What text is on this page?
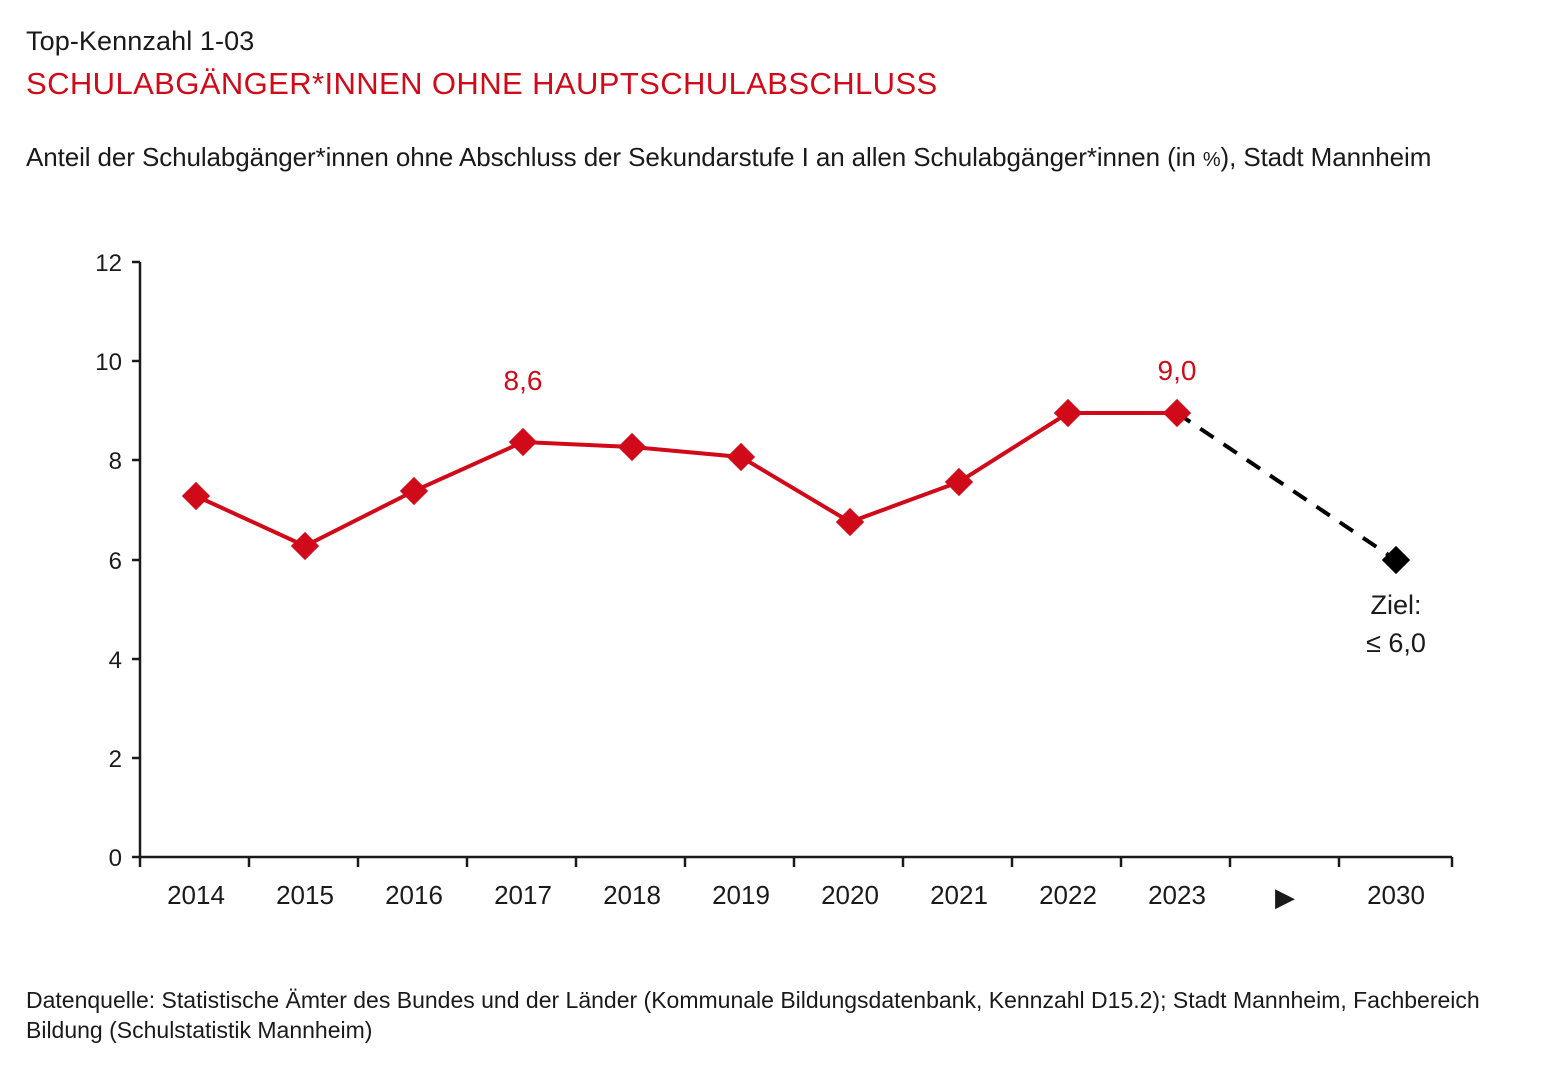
Top-Kennzahl 1-03
SCHULABGÄNGER*INNEN OHNE HAUPTSCHULABSCHLUSS
Anteil der Schulabgänger*innen ohne Abschluss der Sekundarstufe I an allen Schulabgänger*innen (in %), Stadt Mannheim
12
10
8
6
4
2
0
2014 2015 2016 2017 2018 2019 2020 2021 2022 2023	▶	2030
8,6	9,0
Ziel:
≤ 6,0
Datenquelle: Statistische Ämter des Bundes und der Länder (Kommunale Bildungsdatenbank, Kennzahl D15.2); Stadt Mannheim, Fachbereich Bildung (Schulstatistik Mannheim)
